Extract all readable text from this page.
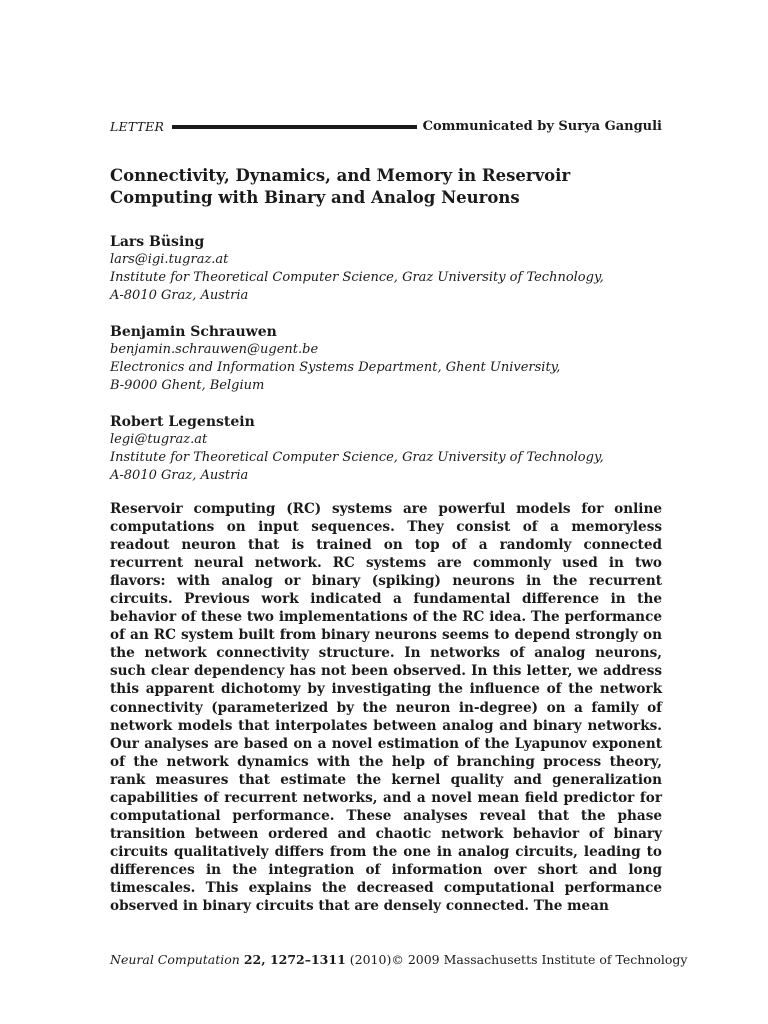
LETTER	Communicated by Surya Ganguli
Connectivity, Dynamics, and Memory in Reservoir Computing with Binary and Analog Neurons
Lars Büsing
lars@igi.tugraz.at
Institute for Theoretical Computer Science, Graz University of Technology,
A-8010 Graz, Austria
Benjamin Schrauwen
benjamin.schrauwen@ugent.be
Electronics and Information Systems Department, Ghent University,
B-9000 Ghent, Belgium
Robert Legenstein
legi@tugraz.at
Institute for Theoretical Computer Science, Graz University of Technology,
A-8010 Graz, Austria

Reservoir computing (RC) systems are powerful models for online computations on input sequences. They consist of a memoryless readout neuron that is trained on top of a randomly connected recurrent neural network. RC systems are commonly used in two flavors: with analog or binary (spiking) neurons in the recurrent circuits. Previous work indicated a fundamental difference in the behavior of these two implementations of the RC idea. The performance of an RC system built from binary neurons seems to depend strongly on the network connectivity structure. In networks of analog neurons, such clear dependency has not been observed. In this letter, we address this apparent dichotomy by investigating the influence of the network connectivity (parameterized by the neuron in-degree) on a family of network models that interpolates between analog and binary networks. Our analyses are based on a novel estimation of the Lyapunov exponent of the network dynamics with the help of branching process theory, rank measures that estimate the kernel quality and generalization capabilities of recurrent networks, and a novel mean field predictor for computational performance. These analyses reveal that the phase transition between ordered and chaotic network behavior of binary circuits qualitatively differs from the one in analog circuits, leading to differences in the integration of information over short and long timescales. This explains the decreased computational performance observed in binary circuits that are densely connected. The mean

Neural Computation 22, 1272–1311 (2010) © 2009 Massachusetts Institute of Technology
